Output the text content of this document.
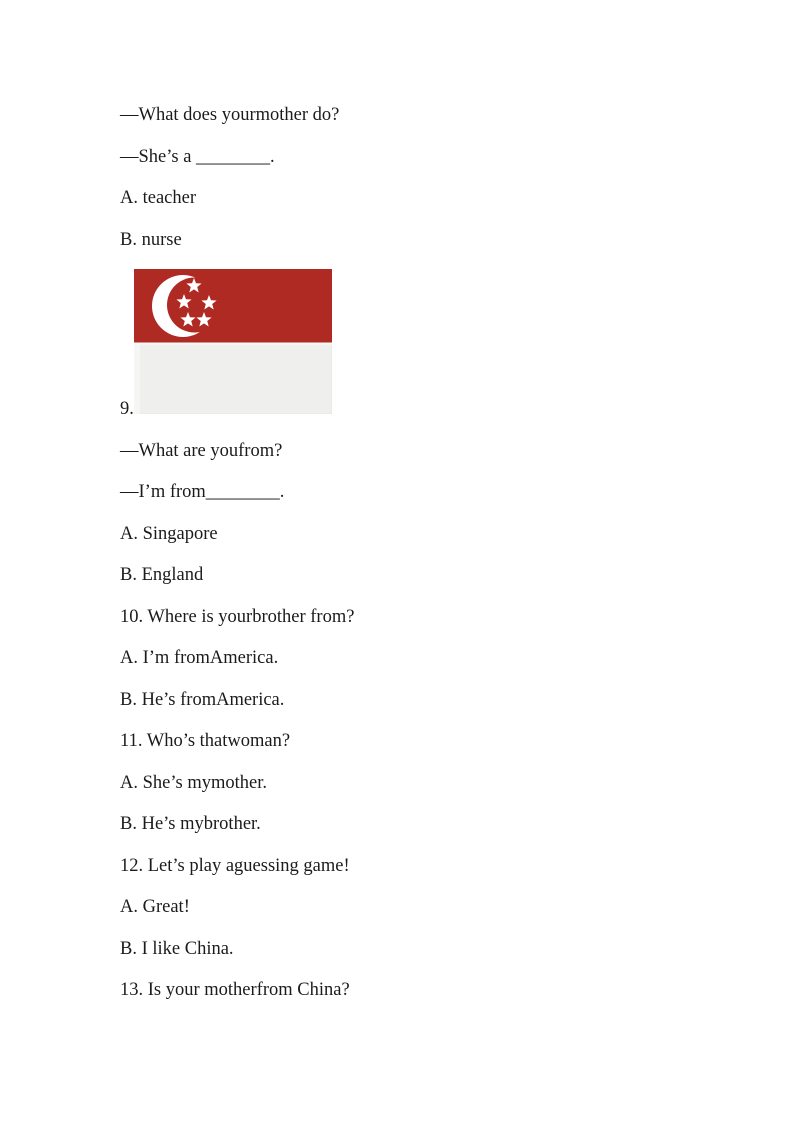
—What does yourmother do?

—She’s a ________.

A. teacher

B. nurse

9.

—What are youfrom?

—I’m from________.

A. Singapore

B. England

10. Where is yourbrother from?

A. I’m fromAmerica.

B. He’s fromAmerica.

11. Who’s thatwoman?

A. She’s mymother.

B. He’s mybrother.

12. Let’s play aguessing game!

A. Great!

B. I like China.

13. Is your motherfrom China?
